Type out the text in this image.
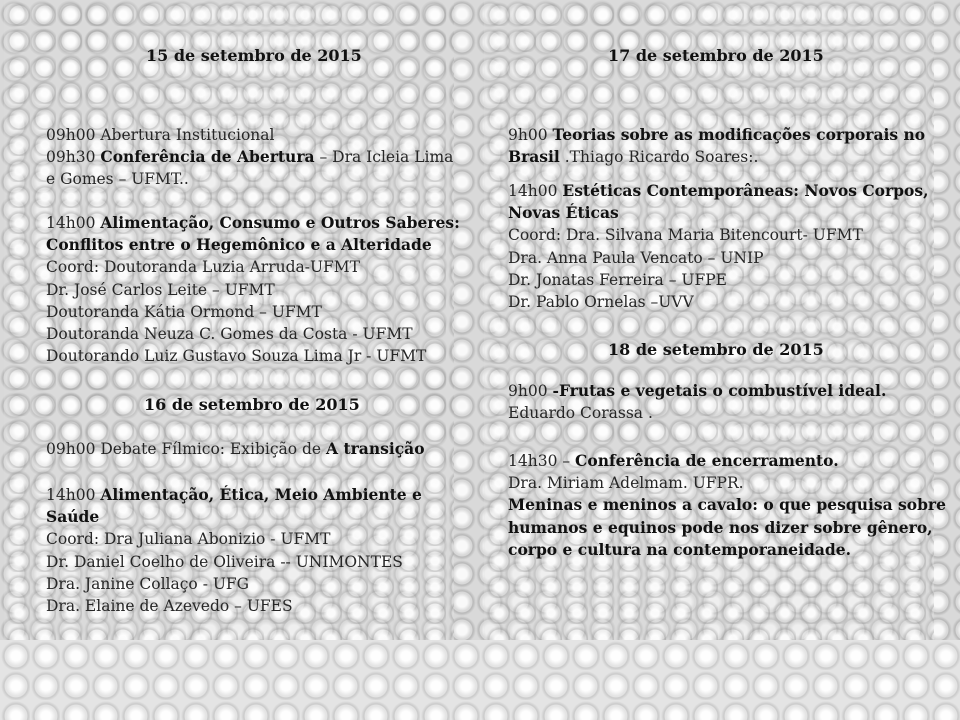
15 de setembro de 2015
09h00 Abertura Institucional
09h30 Conferência de Abertura – Dra Icleia Lima
e Gomes – UFMT..
14h00 Alimentação, Consumo e Outros Saberes:
Conflitos entre o Hegemônico e a Alteridade
Coord: Doutoranda Luzia Arruda-UFMT
Dr. José Carlos Leite – UFMT
Doutoranda Kátia Ormond – UFMT
Doutoranda Neuza C. Gomes da Costa - UFMT
Doutorando Luiz Gustavo Souza Lima Jr - UFMT
16 de setembro de 2015
09h00 Debate Fílmico: Exibição de A transição
14h00 Alimentação, Ética, Meio Ambiente e
Saúde
Coord: Dra Juliana Abonizio - UFMT
Dr. Daniel Coelho de Oliveira -- UNIMONTES
Dra. Janine Collaço - UFG
Dra. Elaine de Azevedo – UFES
17 de setembro de 2015
9h00 Teorias sobre as modificações corporais no
Brasil .Thiago Ricardo Soares:.
14h00 Estéticas Contemporâneas: Novos Corpos,
Novas Éticas
Coord: Dra. Silvana Maria Bitencourt- UFMT
Dra. Anna Paula Vencato – UNIP
Dr. Jonatas Ferreira – UFPE
Dr. Pablo Ornelas –UVV
18 de setembro de 2015
9h00 -Frutas e vegetais o combustível ideal.
Eduardo Corassa .
14h30 – Conferência de encerramento.
Dra. Miriam Adelmam. UFPR.
Meninas e meninos a cavalo: o que pesquisa sobre
humanos e equinos pode nos dizer sobre gênero,
corpo e cultura na contemporaneidade.
